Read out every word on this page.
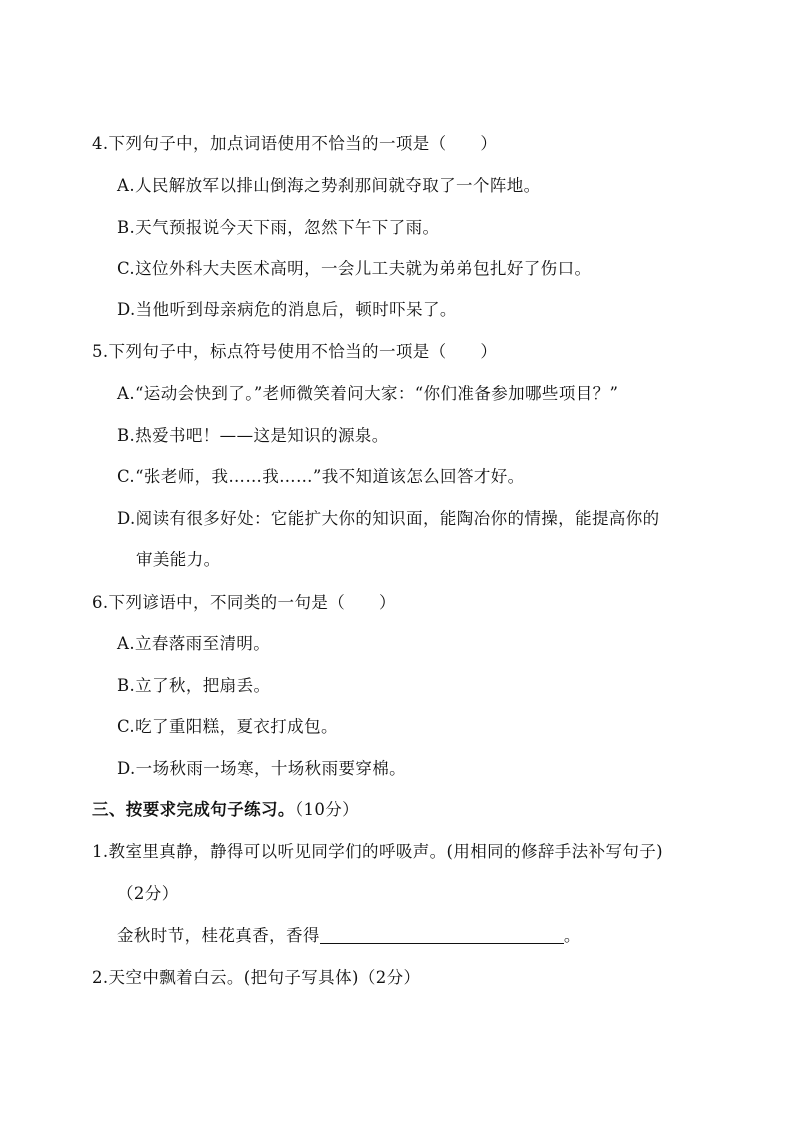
4.下列句子中，加点词语使用不恰当的一项是（　　）
A.人民解放军以排山倒海之势刹那间就夺取了一个阵地。
B.天气预报说今天下雨，忽然下午下了雨。
C.这位外科大夫医术高明，一会儿工夫就为弟弟包扎好了伤口。
D.当他听到母亲病危的消息后，顿时吓呆了。
5.下列句子中，标点符号使用不恰当的一项是（　　）
A.“运动会快到了。”老师微笑着问大家：“你们准备参加哪些项目？”
B.热爱书吧！——这是知识的源泉。
C.“张老师，我……我……”我不知道该怎么回答才好。
D.阅读有很多好处：它能扩大你的知识面，能陶冶你的情操，能提高你的
审美能力。
6.下列谚语中，不同类的一句是（　　）
A.立春落雨至清明。
B.立了秋，把扇丢。
C.吃了重阳糕，夏衣打成包。
D.一场秋雨一场寒，十场秋雨要穿棉。
三、按要求完成句子练习。（10分）
1.教室里真静，静得可以听见同学们的呼吸声。(用相同的修辞手法补写句子)
（2分）
金秋时节，桂花真香，香得	。
2.天空中飘着白云。(把句子写具体)（2分）
